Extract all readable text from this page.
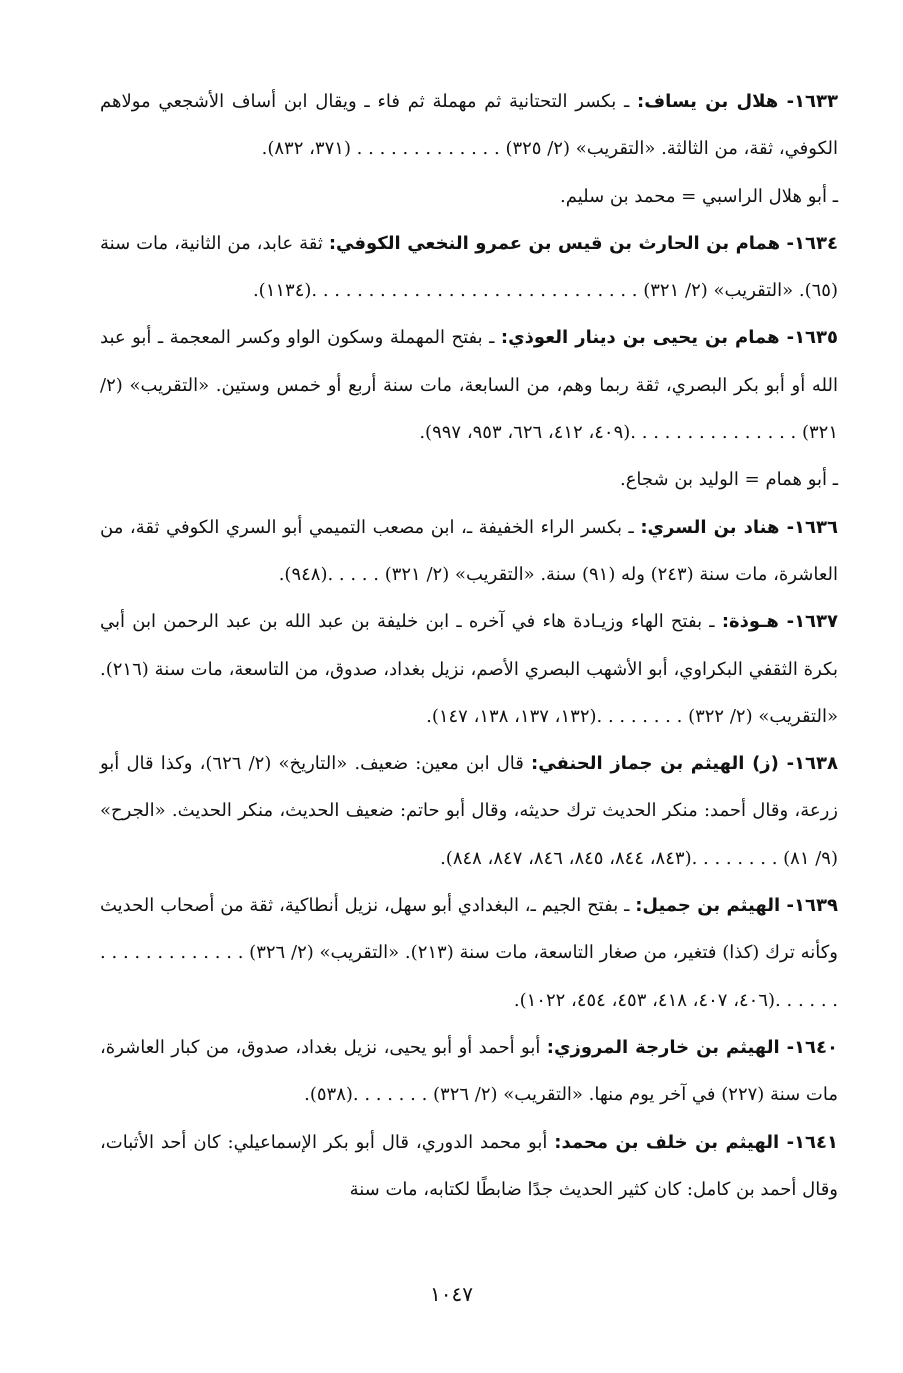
١٦٣٣- هلال بن يساف: ـ بكسر التحتانية ثم مهملة ثم فاء ـ ويقال ابن أساف الأشجعي مولاهم الكوفي، ثقة، من الثالثة. «التقريب» (٢/ ٣٢٥) . . . . . . . . . . . . . (٣٧١، ٨٣٢).

ـ أبو هلال الراسبي = محمد بن سليم.

١٦٣٤- همام بن الحارث بن قيس بن عمرو النخعي الكوفي: ثقة عابد، من الثانية، مات سنة (٦٥). «التقريب» (٢/ ٣٢١) . . . . . . . . . . . . . . . . . . . . . . . . . . . . .(١١٣٤).

١٦٣٥- همام بن يحيى بن دينار العوذي: ـ بفتح المهملة وسكون الواو وكسر المعجمة ـ أبو عبد الله أو أبو بكر البصري، ثقة ربما وهم، من السابعة، مات سنة أربع أو خمس وستين. «التقريب» (٢/ ٣٢١) . . . . . . . . . . . . . . .(٤٠٩، ٤١٢، ٦٢٦، ٩٥٣، ٩٩٧).

ـ أبو همام = الوليد بن شجاع.

١٦٣٦- هناد بن السري: ـ بكسر الراء الخفيفة ـ، ابن مصعب التميمي أبو السري الكوفي ثقة، من العاشرة، مات سنة (٢٤٣) وله (٩١) سنة. «التقريب» (٢/ ٣٢١) . . . . .(٩٤٨).

١٦٣٧- هـوذة: ـ بفتح الهاء وزيـادة هاء في آخره ـ ابن خليفة بن عبد الله بن عبد الرحمن ابن أبي بكرة الثقفي البكراوي، أبو الأشهب البصري الأصم، نزيل بغداد، صدوق، من التاسعة، مات سنة (٢١٦). «التقريب» (٢/ ٣٢٢) . . . . . . . .(١٣٢، ١٣٧، ١٣٨، ١٤٧).

١٦٣٨- (ز) الهيثم بن جماز الحنفي: قال ابن معين: ضعيف. «التاريخ» (٢/ ٦٢٦)، وكذا قال أبو زرعة، وقال أحمد: منكر الحديث ترك حديثه، وقال أبو حاتم: ضعيف الحديث، منكر الحديث. «الجرح» (٩/ ٨١) . . . . . . . .(٨٤٣، ٨٤٤، ٨٤٥، ٨٤٦، ٨٤٧، ٨٤٨).

١٦٣٩- الهيثم بن جميل: ـ بفتح الجيم ـ، البغدادي أبو سهل، نزيل أنطاكية، ثقة من أصحاب الحديث وكأنه ترك (كذا) فتغير، من صغار التاسعة، مات سنة (٢١٣). «التقريب» (٢/ ٣٢٦) . . . . . . . . . . . . . . . . . . .(٤٠٦، ٤٠٧، ٤١٨، ٤٥٣، ٤٥٤، ١٠٢٢).

١٦٤٠- الهيثم بن خارجة المروزي: أبو أحمد أو أبو يحيى، نزيل بغداد، صدوق، من كبار العاشرة، مات سنة (٢٢٧) في آخر يوم منها. «التقريب» (٢/ ٣٢٦) . . . . . . .(٥٣٨).

١٦٤١- الهيثم بن خلف بن محمد: أبو محمد الدوري، قال أبو بكر الإسماعيلي: كان أحد الأثبات، وقال أحمد بن كامل: كان كثير الحديث جدًا ضابطًا لكتابه، مات سنة

١٠٤٧
